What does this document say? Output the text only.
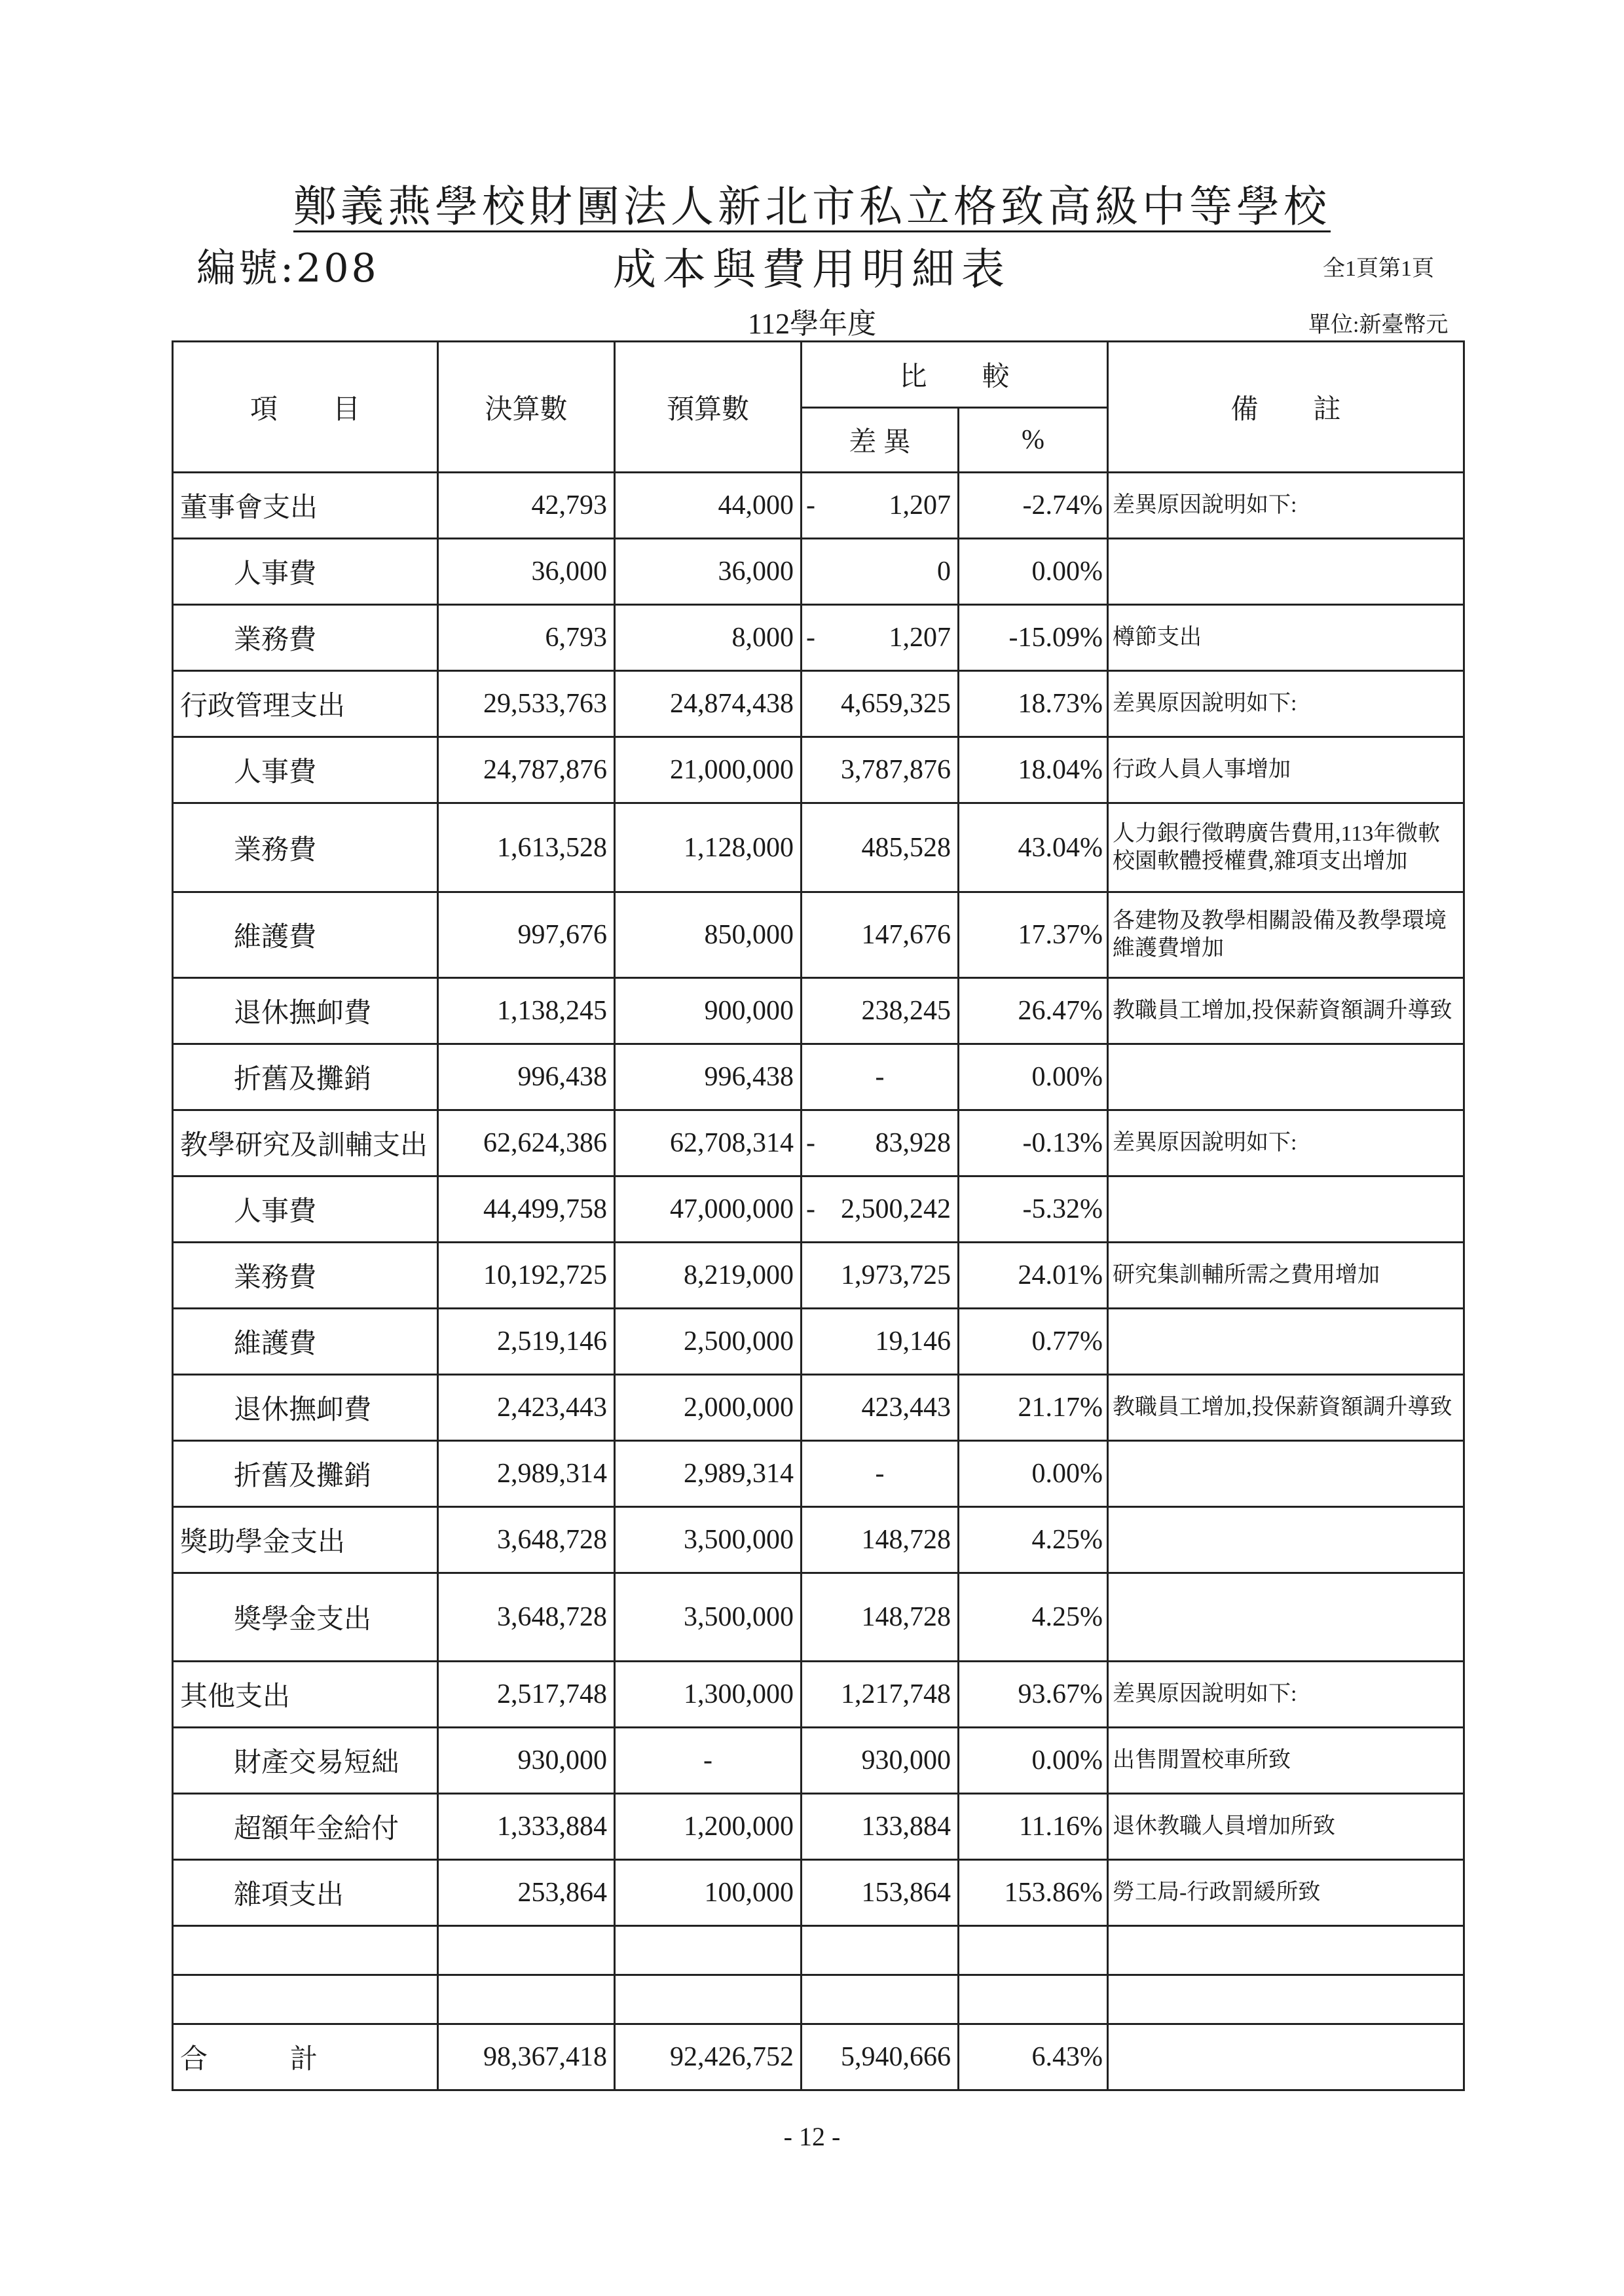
鄭義燕學校財團法人新北市私立格致高級中等學校
編號:208	成本與費用明細表	全1頁第1頁
112學年度	單位:新臺幣元
項　　目	決算數	預算數	比　　較		備　　註
			差 異	%	
董事會支出	42,793	44,000	- 1,207	-2.74%	差異原因說明如下:
人事費	36,000	36,000	0	0.00%	
業務費	6,793	8,000	- 1,207	-15.09%	樽節支出
行政管理支出	29,533,763	24,874,438	4,659,325	18.73%	差異原因說明如下:
人事費	24,787,876	21,000,000	3,787,876	18.04%	行政人員人事增加
業務費	1,613,528	1,128,000	485,528	43.04%	人力銀行徵聘廣告費用,113年微軟校園軟體授權費,雜項支出增加
維護費	997,676	850,000	147,676	17.37%	各建物及教學相關設備及教學環境維護費增加
退休撫卹費	1,138,245	900,000	238,245	26.47%	教職員工增加,投保薪資額調升導致
折舊及攤銷	996,438	996,438	-	0.00%	
教學研究及訓輔支出	62,624,386	62,708,314	- 83,928	-0.13%	差異原因說明如下:
人事費	44,499,758	47,000,000	- 2,500,242	-5.32%	
業務費	10,192,725	8,219,000	1,973,725	24.01%	研究集訓輔所需之費用增加
維護費	2,519,146	2,500,000	19,146	0.77%	
退休撫卹費	2,423,443	2,000,000	423,443	21.17%	教職員工增加,投保薪資額調升導致
折舊及攤銷	2,989,314	2,989,314	-	0.00%	
獎助學金支出	3,648,728	3,500,000	148,728	4.25%	
獎學金支出	3,648,728	3,500,000	148,728	4.25%	
其他支出	2,517,748	1,300,000	1,217,748	93.67%	差異原因說明如下:
財產交易短絀	930,000	-	930,000	0.00%	出售閒置校車所致
超額年金給付	1,333,884	1,200,000	133,884	11.16%	退休教職人員增加所致
雜項支出	253,864	100,000	153,864	153.86%	勞工局-行政罰緩所致

合　　　計	98,367,418	92,426,752	5,940,666	6.43%	
- 12 -
